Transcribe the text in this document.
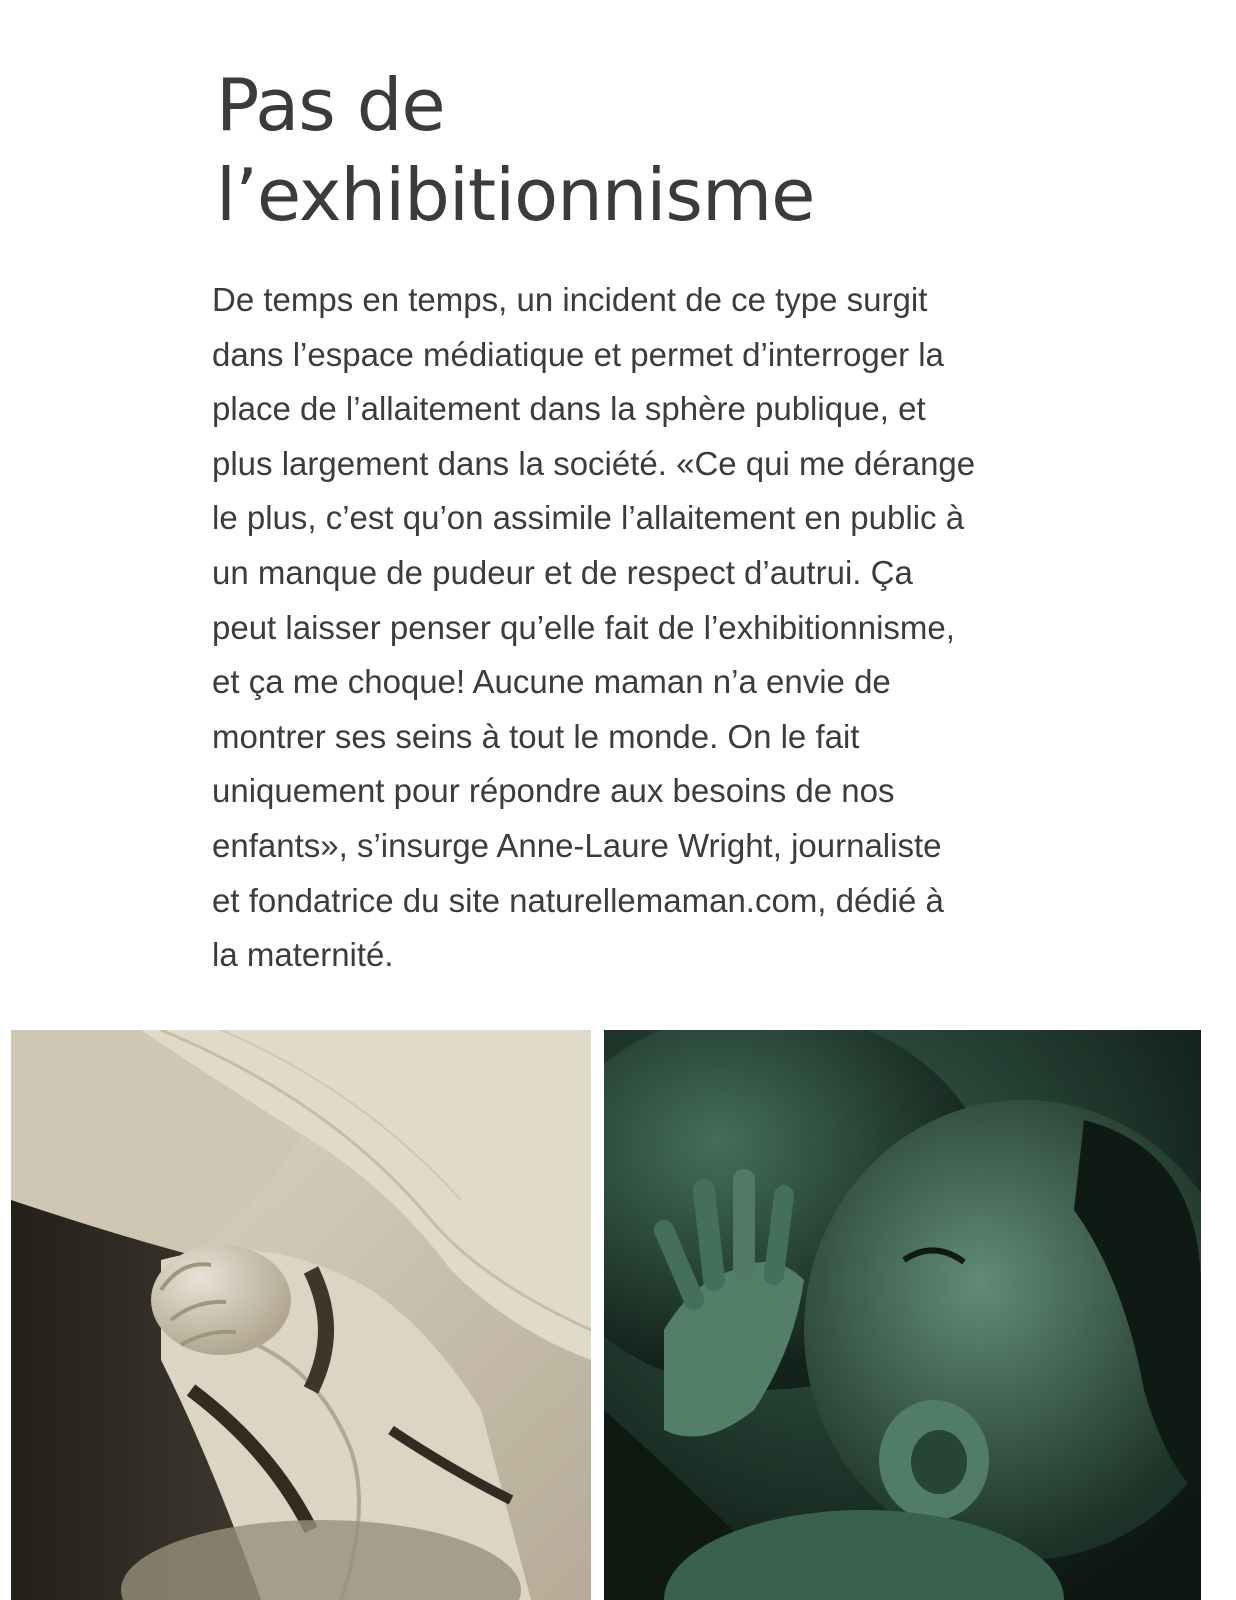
Pas de
l’exhibitionnisme

De temps en temps, un incident de ce type surgit
dans l’espace médiatique et permet d’interroger la
place de l’allaitement dans la sphère publique, et
plus largement dans la société. «Ce qui me dérange
le plus, c’est qu’on assimile l’allaitement en public à
un manque de pudeur et de respect d’autrui. Ça
peut laisser penser qu’elle fait de l’exhibitionnisme,
et ça me choque! Aucune maman n’a envie de
montrer ses seins à tout le monde. On le fait
uniquement pour répondre aux besoins de nos
enfants», s’insurge Anne-Laure Wright, journaliste
et fondatrice du site naturellemaman.com, dédié à
la maternité.
